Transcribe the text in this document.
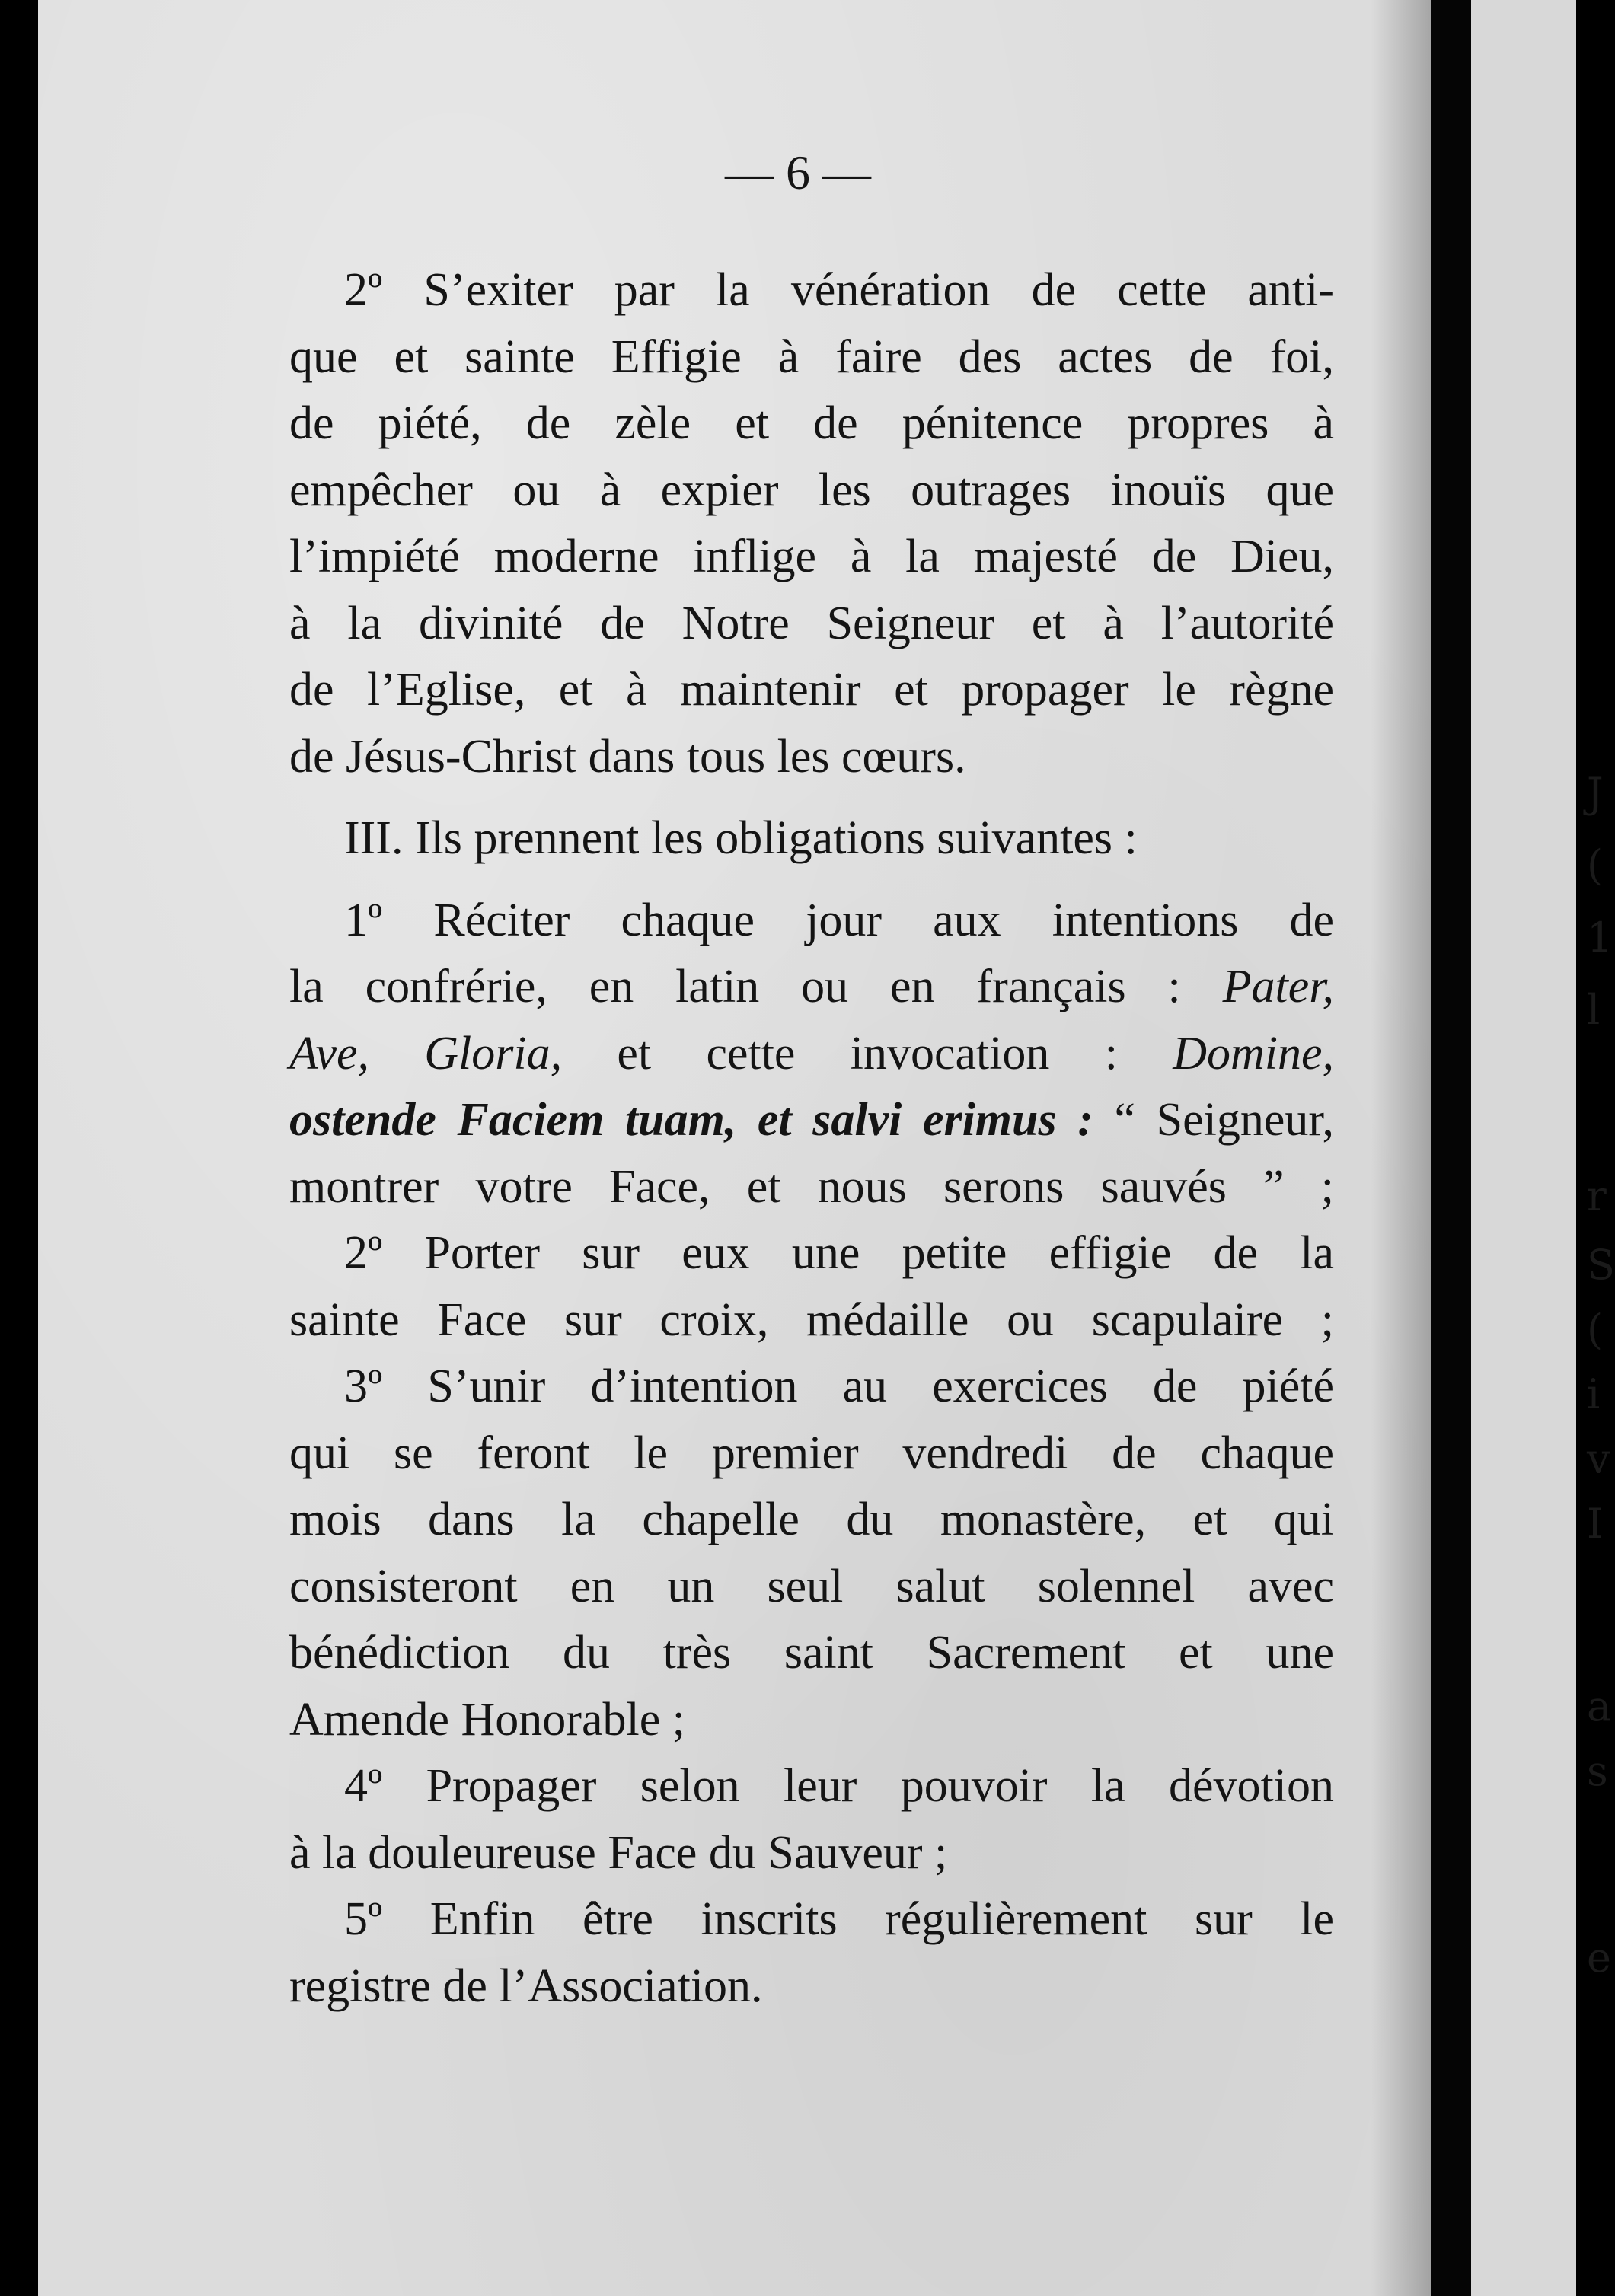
J
(
1
l
r
S
(
i
v
I
a
s
e
— 6 —
2º S’exiter par la vénération de cette anti-
que et sainte Effigie à faire des actes de foi,
de piété, de zèle et de pénitence propres à
empêcher ou à expier les outrages inouïs que
l’impiété moderne inflige à la majesté de Dieu,
à la divinité de Notre Seigneur et à l’autorité
de l’Eglise, et à maintenir et propager le règne
de Jésus-Christ dans tous les cœurs.
III. Ils prennent les obligations suivantes :
1º Réciter chaque jour aux intentions de
la confrérie, en latin ou en français : Pater,
Ave, Gloria, et cette invocation : Domine,
ostende Faciem tuam, et salvi erimus : “ Seigneur,
montrer votre Face, et nous serons sauvés ” ;
2º Porter sur eux une petite effigie de la
sainte Face sur croix, médaille ou scapulaire ;
3º S’unir d’intention au exercices de piété
qui se feront le premier vendredi de chaque
mois dans la chapelle du monastère, et qui
consisteront en un seul salut solennel avec
bénédiction du très saint Sacrement et une
Amende Honorable ;
4º Propager selon leur pouvoir la dévotion
à la douleureuse Face du Sauveur ;
5º Enfin être inscrits régulièrement sur le
registre de l’Association.
